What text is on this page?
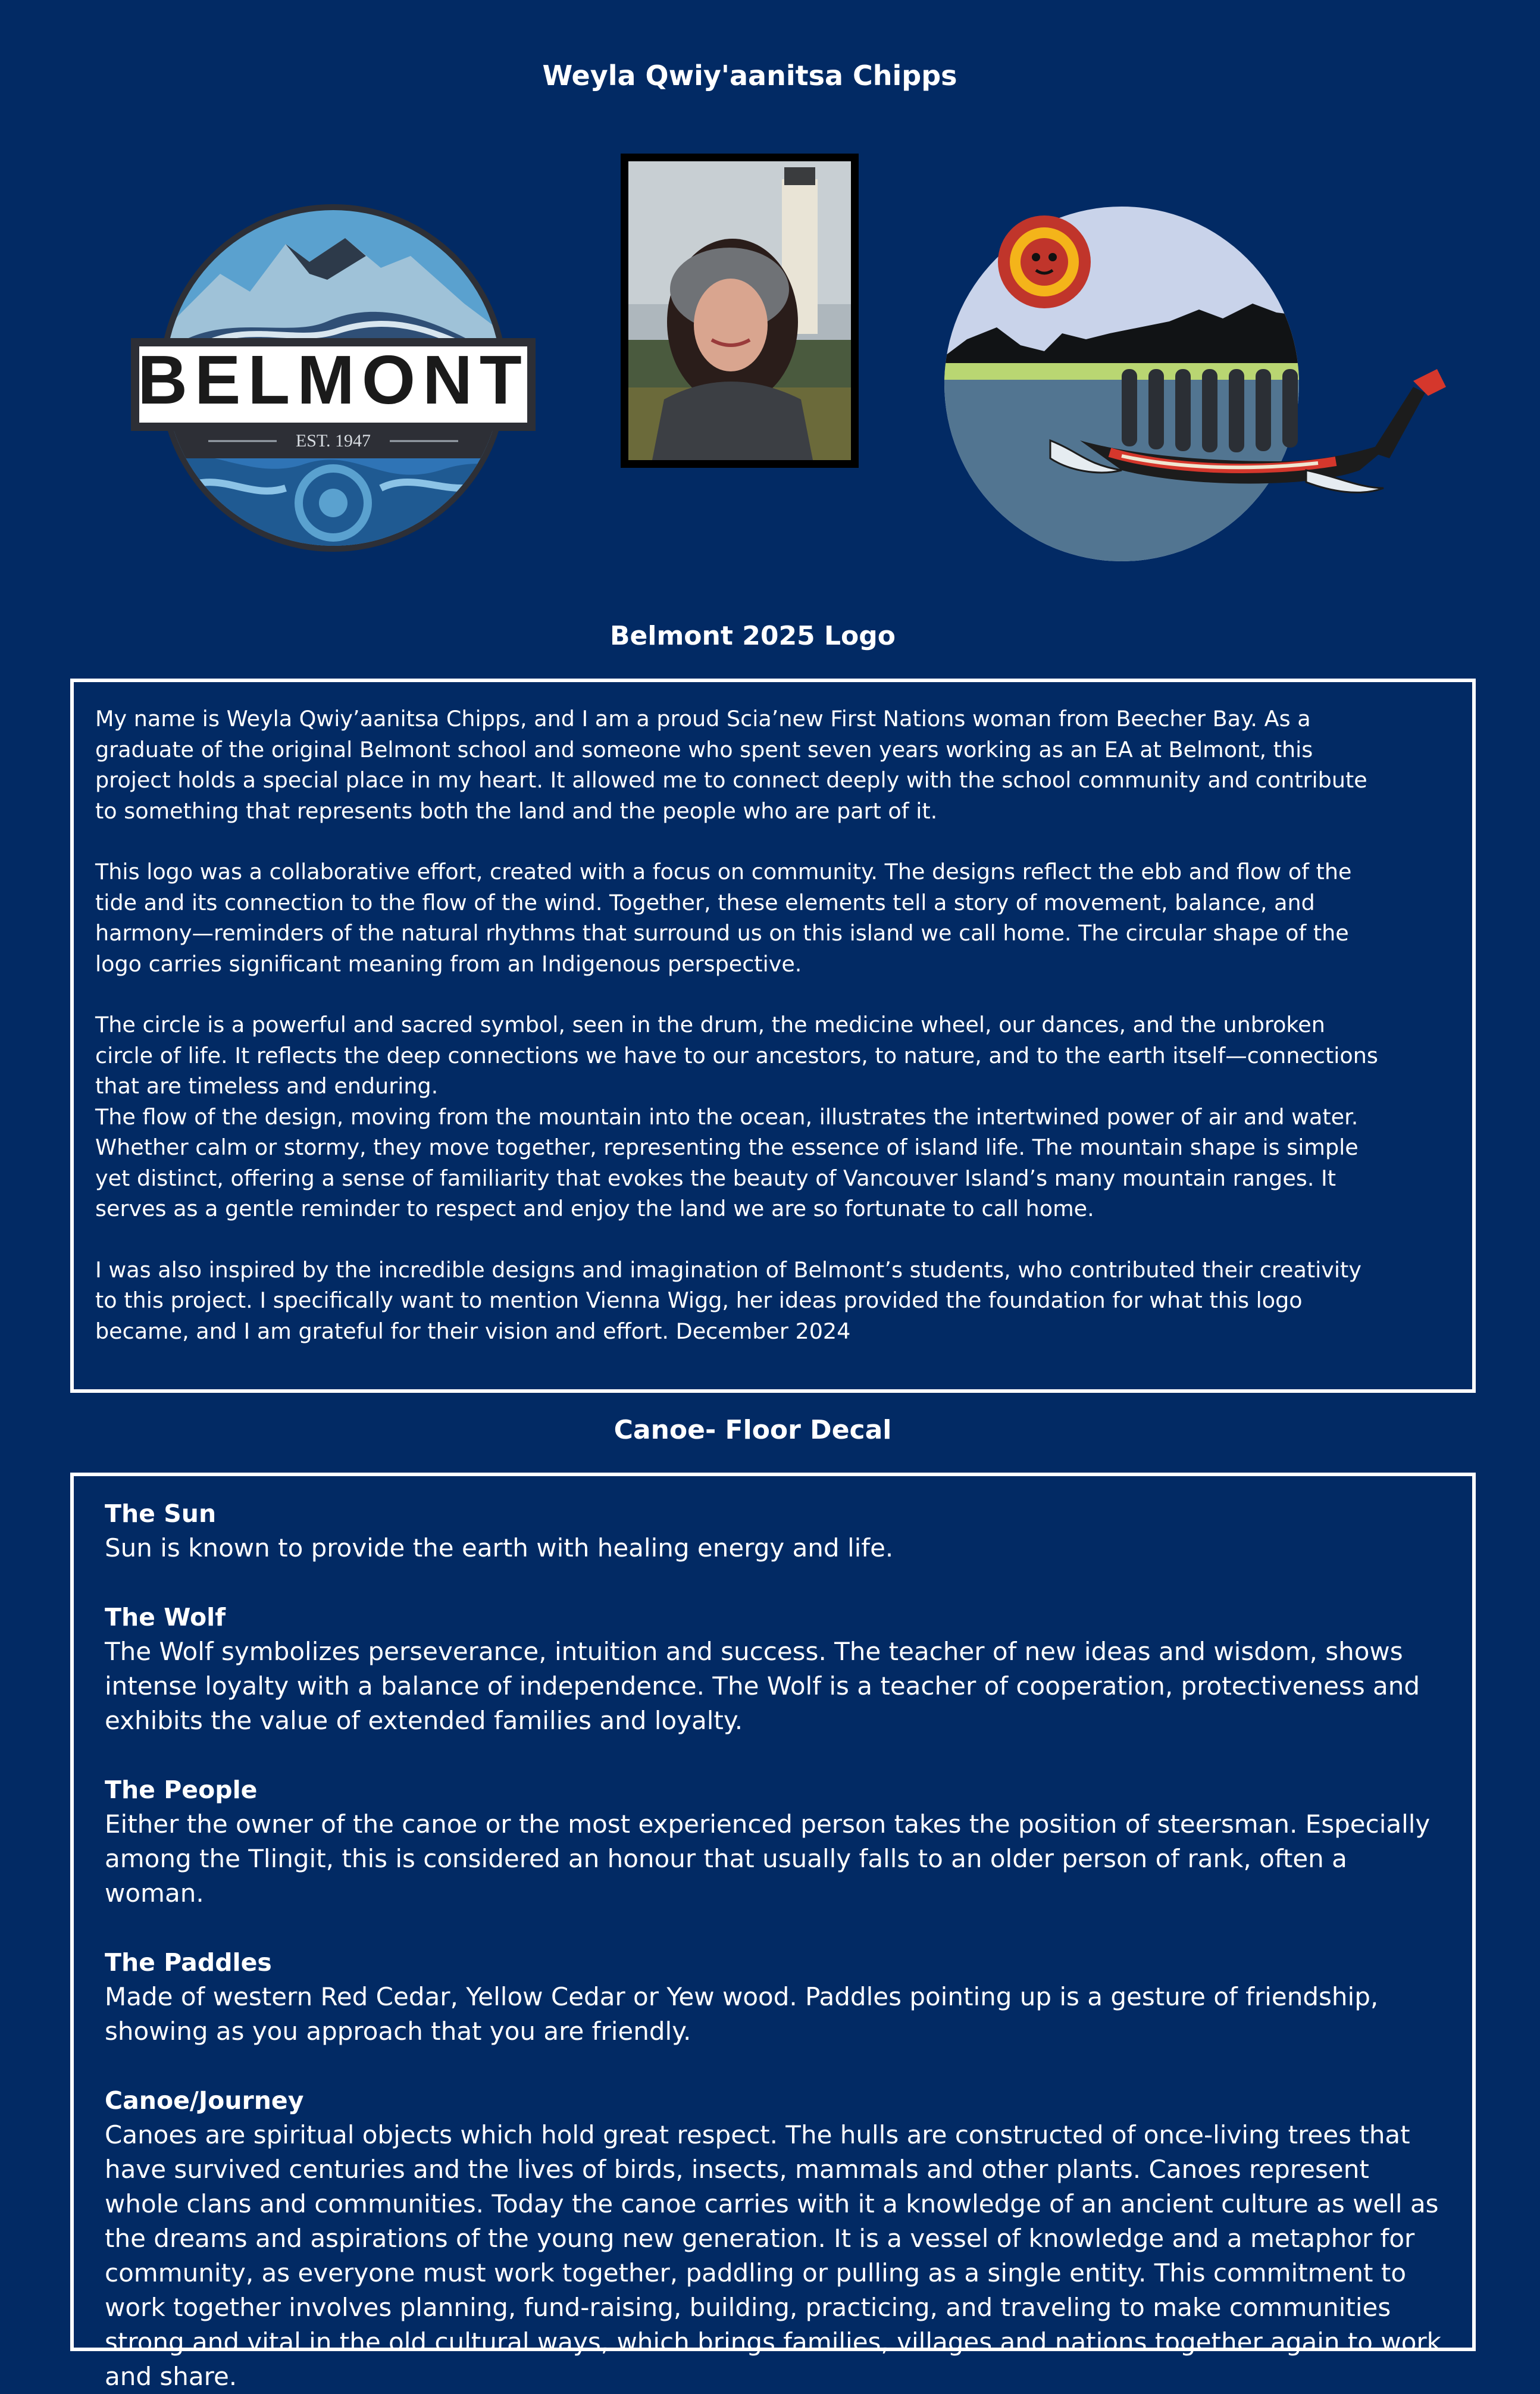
Weyla Qwiy'aanitsa Chipps
BELMONT
EST. 1947
Belmont 2025 Logo

My name is Weyla Qwiy’aanitsa Chipps, and I am a proud Scia’new First Nations woman from Beecher Bay. As a graduate of the original Belmont school and someone who spent seven years working as an EA at Belmont, this project holds a special place in my heart. It allowed me to connect deeply with the school community and contribute to something that represents both the land and the people who are part of it.

This logo was a collaborative effort, created with a focus on community. The designs reflect the ebb and flow of the tide and its connection to the flow of the wind. Together, these elements tell a story of movement, balance, and harmony—reminders of the natural rhythms that surround us on this island we call home. The circular shape of the logo carries significant meaning from an Indigenous perspective.

The circle is a powerful and sacred symbol, seen in the drum, the medicine wheel, our dances, and the unbroken circle of life. It reflects the deep connections we have to our ancestors, to nature, and to the earth itself—connections that are timeless and enduring.

The flow of the design, moving from the mountain into the ocean, illustrates the intertwined power of air and water. Whether calm or stormy, they move together, representing the essence of island life. The mountain shape is simple yet distinct, offering a sense of familiarity that evokes the beauty of Vancouver Island’s many mountain ranges. It serves as a gentle reminder to respect and enjoy the land we are so fortunate to call home.

I was also inspired by the incredible designs and imagination of Belmont’s students, who contributed their creativity to this project. I specifically want to mention Vienna Wigg, her ideas provided the foundation for what this logo became, and I am grateful for their vision and effort. December 2024

Canoe- Floor Decal
The Sun

Sun is known to provide the earth with healing energy and life.

The Wolf

The Wolf symbolizes perseverance, intuition and success. The teacher of new ideas and wisdom, shows intense loyalty with a balance of independence. The Wolf is a teacher of cooperation, protectiveness and exhibits the value of extended families and loyalty.

The People

Either the owner of the canoe or the most experienced person takes the position of steersman. Especially among the Tlingit, this is considered an honour that usually falls to an older person of rank, often a woman.

The Paddles

Made of western Red Cedar, Yellow Cedar or Yew wood. Paddles pointing up is a gesture of friendship, showing as you approach that you are friendly.

Canoe/Journey

Canoes are spiritual objects which hold great respect. The hulls are constructed of once-living trees that have survived centuries and the lives of birds, insects, mammals and other plants. Canoes represent whole clans and communities. Today the canoe carries with it a knowledge of an ancient culture as well as the dreams and aspirations of the young new generation. It is a vessel of knowledge and a metaphor for community, as everyone must work together, paddling or pulling as a single entity. This commitment to work together involves planning, fund-raising, building, practicing, and traveling to make communities strong and vital in the old cultural ways, which brings families, villages and nations together again to work and share.
